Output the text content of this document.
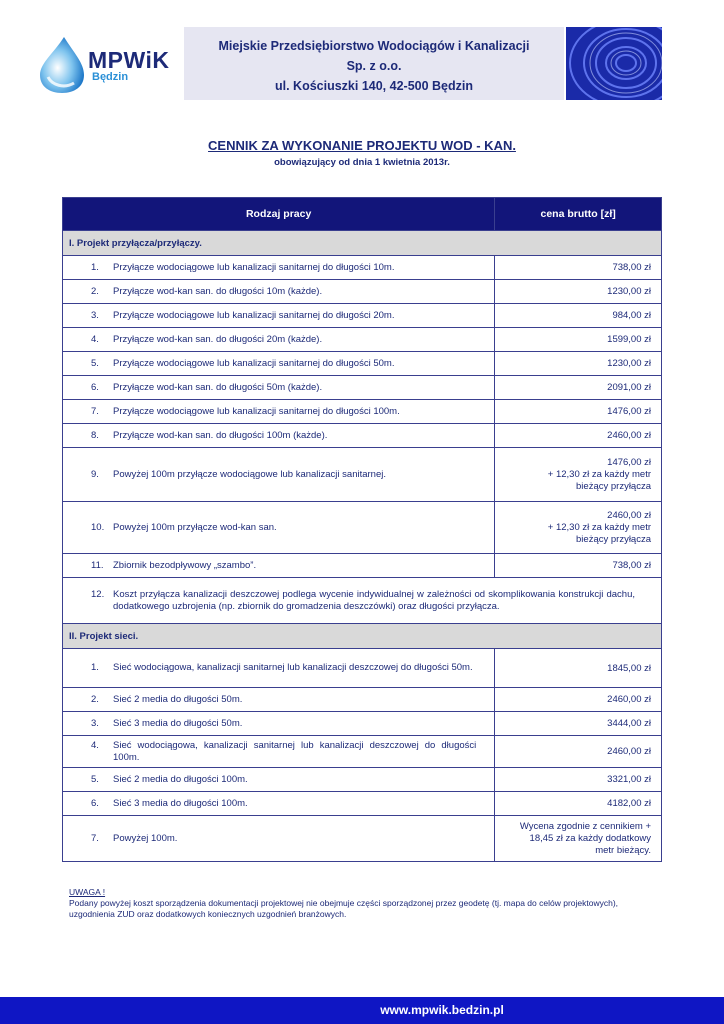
MPWiK
Będzin
Miejskie Przedsiębiorstwo Wodociągów i Kanalizacji
Sp. z o.o.
ul. Kościuszki 140, 42-500 Będzin
CENNIK ZA WYKONANIE PROJEKTU WOD - KAN.
obowiązujący od dnia 1 kwietnia 2013r.
Rodzaj pracy	cena brutto [zł]
I. Projekt przyłącza/przyłączy.	
1. Przyłącze wodociągowe lub kanalizacji sanitarnej do długości 10m.	738,00 zł
2. Przyłącze wod-kan san. do długości 10m (każde).	1230,00 zł
3. Przyłącze wodociągowe lub kanalizacji sanitarnej do długości 20m.	984,00 zł
4. Przyłącze wod-kan san. do długości 20m (każde).	1599,00 zł
5. Przyłącze wodociągowe lub kanalizacji sanitarnej do długości 50m.	1230,00 zł
6. Przyłącze wod-kan san. do długości 50m (każde).	2091,00 zł
7. Przyłącze wodociągowe lub kanalizacji sanitarnej do długości 100m.	1476,00 zł
8. Przyłącze wod-kan san. do długości 100m (każde).	2460,00 zł
9. Powyżej 100m przyłącze wodociągowe lub kanalizacji sanitarnej.	1476,00 zł
+ 12,30 zł za każdy metr
bieżący przyłącza

10. Powyżej 100m przyłącze wod-kan san.	2460,00 zł
+ 12,30 zł za każdy metr
bieżący przyłącza

11. Zbiornik bezodpływowy „szambo”.	738,00 zł

12. Koszt przyłącza kanalizacji deszczowej podlega wycenie indywidualnej w zależności od skomplikowania konstrukcji dachu, dodatkowego uzbrojenia (np. zbiornik do gromadzenia deszczówki) oraz długości przyłącza.	

II. Projekt sieci.	

1. Sieć wodociągowa, kanalizacji sanitarnej lub kanalizacji deszczowej do długości 50m.	1845,00 zł
2. Sieć 2 media do długości 50m.	2460,00 zł
3. Sieć 3 media do długości 50m.	3444,00 zł

4. Sieć wodociągowa, kanalizacji sanitarnej lub kanalizacji deszczowej do długości 100m.	2460,00 zł
5. Sieć 2 media do długości 100m.	3321,00 zł
6. Sieć 3 media do długości 100m.	4182,00 zł
7. Powyżej 100m.	Wycena zgodnie z cennikiem +
18,45 zł za każdy dodatkowy
metr bieżący.
UWAGA !
Podany powyżej koszt sporządzenia dokumentacji projektowej nie obejmuje części sporządzonej przez geodetę (tj. mapa do celów projektowych), uzgodnienia ZUD oraz dodatkowych koniecznych uzgodnień branżowych.
www.mpwik.bedzin.pl
